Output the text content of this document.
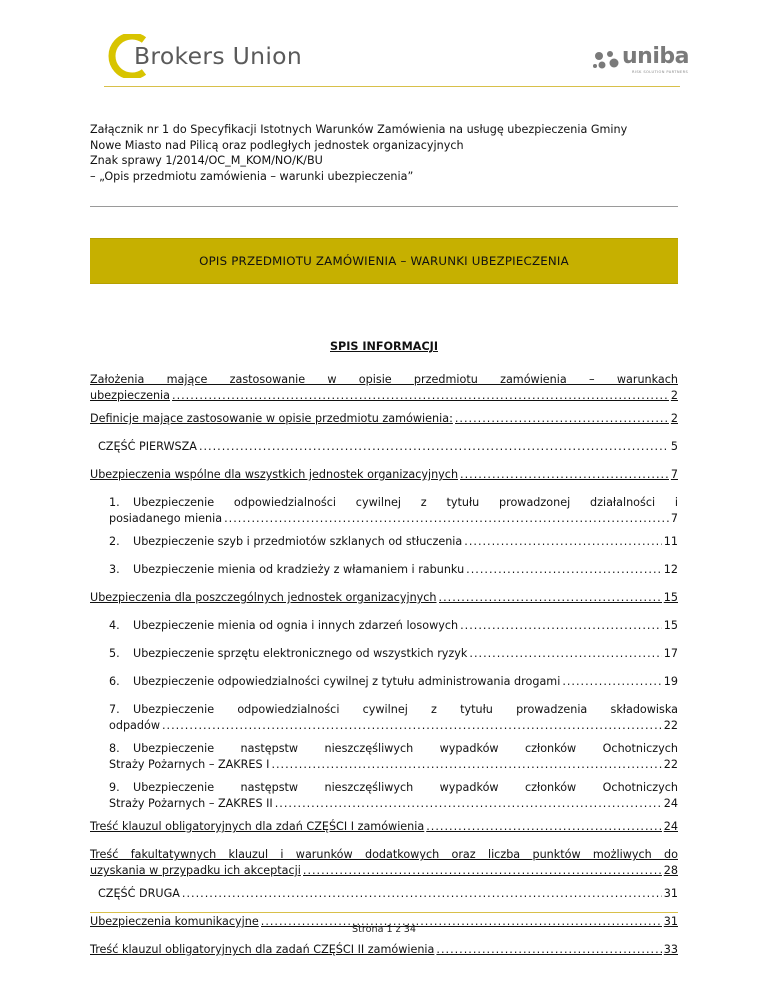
Brokers Union	uniba
RISK SOLUTION PARTNERS
Załącznik nr 1 do Specyfikacji Istotnych Warunków Zamówienia na usługę ubezpieczenia Gminy
Nowe Miasto nad Pilicą oraz podległych jednostek organizacyjnych
Znak sprawy 1/2014/OC_M_KOM/NO/K/BU
– „Opis przedmiotu zamówienia – warunki ubezpieczenia”
OPIS PRZEDMIOTU ZAMÓWIENIA – WARUNKI UBEZPIECZENIA
SPIS INFORMACJI
Założenia mające zastosowanie w opisie przedmiotu zamówienia – warunkach
ubezpieczenia .....	2
Definicje mające zastosowanie w opisie przedmiotu zamówienia: .....	2
CZĘŚĆ PIERWSZA .....	5
Ubezpieczenia wspólne dla wszystkich jednostek organizacyjnych .....	7
1. Ubezpieczenie odpowiedzialności cywilnej z tytułu prowadzonej działalności i
posiadanego mienia .....	7
2.	Ubezpieczenie szyb i przedmiotów szklanych od stłuczenia .....	11
3.	Ubezpieczenie mienia od kradzieży z włamaniem i rabunku .....	12
Ubezpieczenia dla poszczególnych jednostek organizacyjnych .....	15
4.	Ubezpieczenie mienia od ognia i innych zdarzeń losowych .....	15
5.	Ubezpieczenie sprzętu elektronicznego od wszystkich ryzyk .....	17
6.	Ubezpieczenie odpowiedzialności cywilnej z tytułu administrowania drogami .....	19
7. Ubezpieczenie odpowiedzialności cywilnej z tytułu prowadzenia składowiska
odpadów .....	22
8. Ubezpieczenie następstw nieszczęśliwych wypadków członków Ochotniczych
Straży Pożarnych – ZAKRES I .....	22
9. Ubezpieczenie następstw nieszczęśliwych wypadków członków Ochotniczych
Straży Pożarnych – ZAKRES II .....	24
Treść klauzul obligatoryjnych dla zdań CZĘŚCI I zamówienia .....	24
Treść fakultatywnych klauzul i warunków dodatkowych oraz liczba punktów możliwych do
uzyskania w przypadku ich akceptacji .....	28
CZĘŚĆ DRUGA .....	31
Ubezpieczenia komunikacyjne .....	31
Treść klauzul obligatoryjnych dla zadań CZĘŚCI II zamówienia .....	33
Strona 1 z 34
